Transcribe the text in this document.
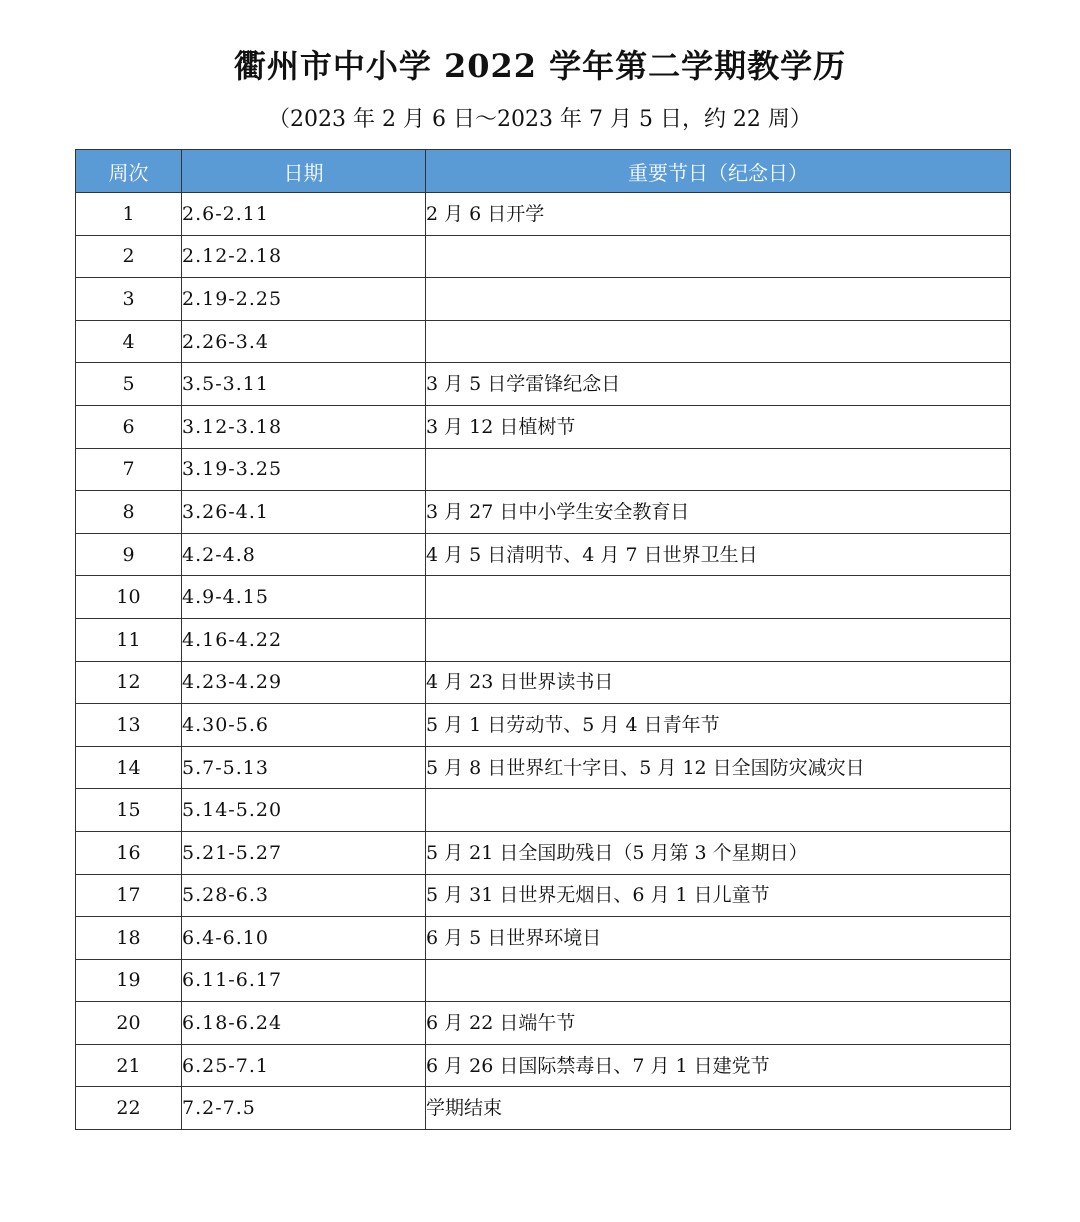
衢州市中小学 2022 学年第二学期教学历
（2023 年 2 月 6 日～2023 年 7 月 5 日，约 22 周）
周次	日期	重要节日（纪念日）
1	2.6-2.11	2 月 6 日开学
2	2.12-2.18	
3	2.19-2.25	
4	2.26-3.4	
5	3.5-3.11	3 月 5 日学雷锋纪念日
6	3.12-3.18	3 月 12 日植树节
7	3.19-3.25	
8	3.26-4.1	3 月 27 日中小学生安全教育日
9	4.2-4.8	4 月 5 日清明节、4 月 7 日世界卫生日
10	4.9-4.15	
11	4.16-4.22	
12	4.23-4.29	4 月 23 日世界读书日
13	4.30-5.6	5 月 1 日劳动节、5 月 4 日青年节
14	5.7-5.13	5 月 8 日世界红十字日、5 月 12 日全国防灾减灾日
15	5.14-5.20	
16	5.21-5.27	5 月 21 日全国助残日（5 月第 3 个星期日）
17	5.28-6.3	5 月 31 日世界无烟日、6 月 1 日儿童节
18	6.4-6.10	6 月 5 日世界环境日
19	6.11-6.17	
20	6.18-6.24	6 月 22 日端午节
21	6.25-7.1	6 月 26 日国际禁毒日、7 月 1 日建党节
22	7.2-7.5	学期结束
